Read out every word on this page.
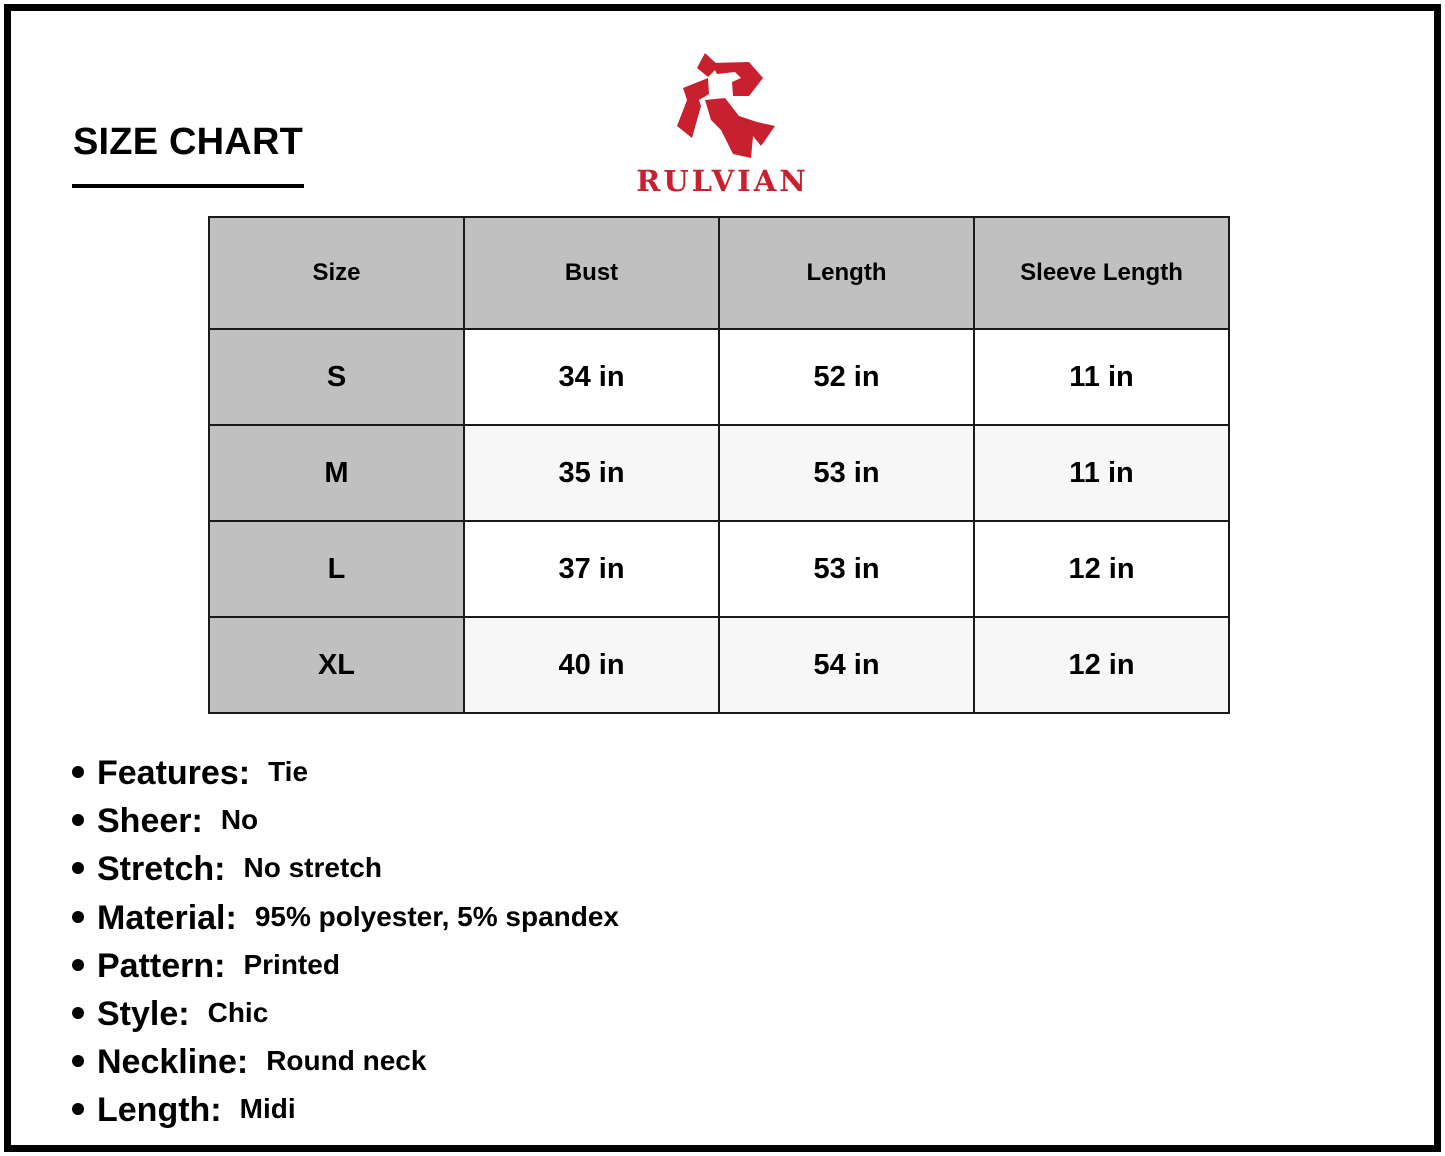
SIZE CHART
RULVIAN
Size	Bust	Length	Sleeve Length
S	34 in	52 in	11 in
M	35 in	53 in	11 in
L	37 in	53 in	12 in
XL	40 in	54 in	12 in
Features: Tie
Sheer: No
Stretch: No stretch
Material: 95% polyester, 5% spandex
Pattern: Printed
Style: Chic
Neckline: Round neck
Length: Midi
